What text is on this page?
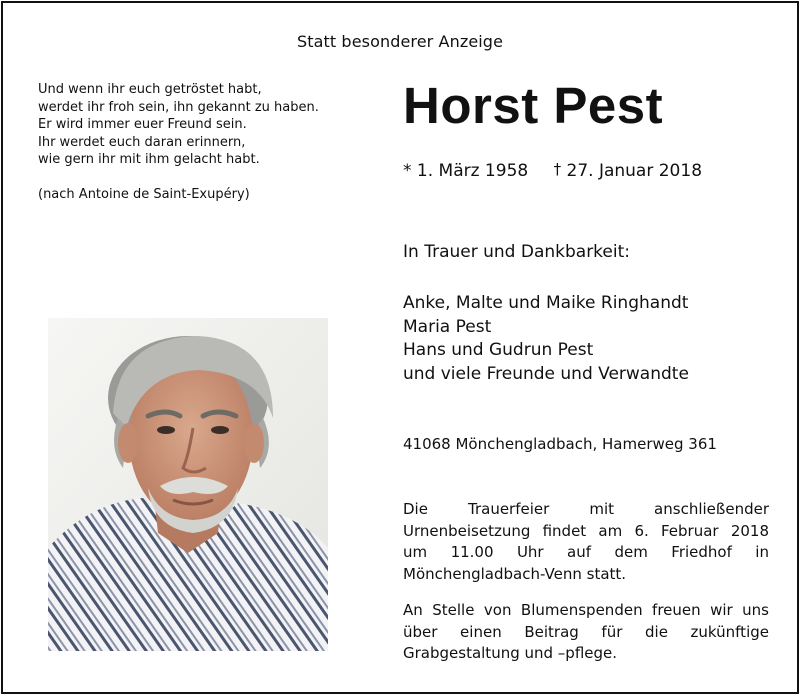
Statt besonderer Anzeige
Und wenn ihr euch getröstet habt,
werdet ihr froh sein, ihn gekannt zu haben.
Er wird immer euer Freund sein.
Ihr werdet euch daran erinnern,
wie gern ihr mit ihm gelacht habt.
(nach Antoine de Saint-Exupéry)
Horst Pest
* 1. März 1958 † 27. Januar 2018
In Trauer und Dankbarkeit:
Anke, Malte und Maike Ringhandt
Maria Pest
Hans und Gudrun Pest
und viele Freunde und Verwandte
41068 Mönchengladbach, Hamerweg 361
Die Trauerfeier mit anschließender
Urnenbeisetzung findet am 6. Februar 2018
um 11.00 Uhr auf dem Friedhof in
Mönchengladbach-Venn statt.
An Stelle von Blumenspenden freuen wir uns
über einen Beitrag für die zukünftige
Grabgestaltung und –pflege.
